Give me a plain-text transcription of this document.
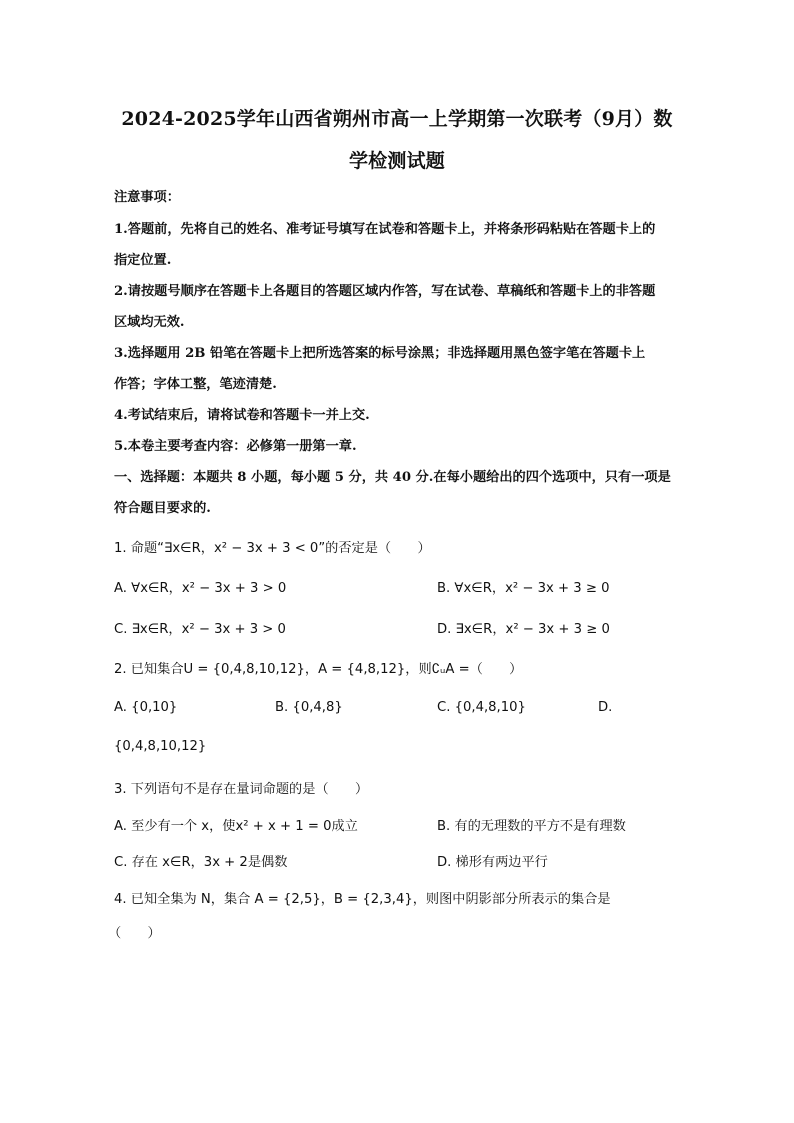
2024-2025学年山西省朔州市高一上学期第一次联考（9月）数
学检测试题
注意事项：
1.答题前，先将自己的姓名、准考证号填写在试卷和答题卡上，并将条形码粘贴在答题卡上的
指定位置.
2.请按题号顺序在答题卡上各题目的答题区域内作答，写在试卷、草稿纸和答题卡上的非答题
区域均无效.
3.选择题用 2B 铅笔在答题卡上把所选答案的标号涂黑；非选择题用黑色签字笔在答题卡上
作答；字体工整，笔迹清楚.
4.考试结束后，请将试卷和答题卡一并上交.
5.本卷主要考查内容：必修第一册第一章.
一、选择题：本题共 8 小题，每小题 5 分，共 40 分.在每小题给出的四个选项中，只有一项是
符合题目要求的.
1. 命题“∃x∈R，x² − 3x + 3 < 0”的否定是（　　）
A. ∀x∈R，x² − 3x + 3 > 0	B. ∀x∈R，x² − 3x + 3 ≥ 0
C. ∃x∈R，x² − 3x + 3 > 0	D. ∃x∈R，x² − 3x + 3 ≥ 0
2. 已知集合U = {0,4,8,10,12}，A = {4,8,12}，则∁ᵤA =（　　）
A. {0,10}	B. {0,4,8}	C. {0,4,8,10}	D.
{0,4,8,10,12}
3. 下列语句不是存在量词命题的是（　　）
A. 至少有一个 x，使x² + x + 1 = 0成立	B. 有的无理数的平方不是有理数
C. 存在 x∈R，3x + 2是偶数	D. 梯形有两边平行
4. 已知全集为 N，集合 A = {2,5}，B = {2,3,4}，则图中阴影部分所表示的集合是
（　　）
